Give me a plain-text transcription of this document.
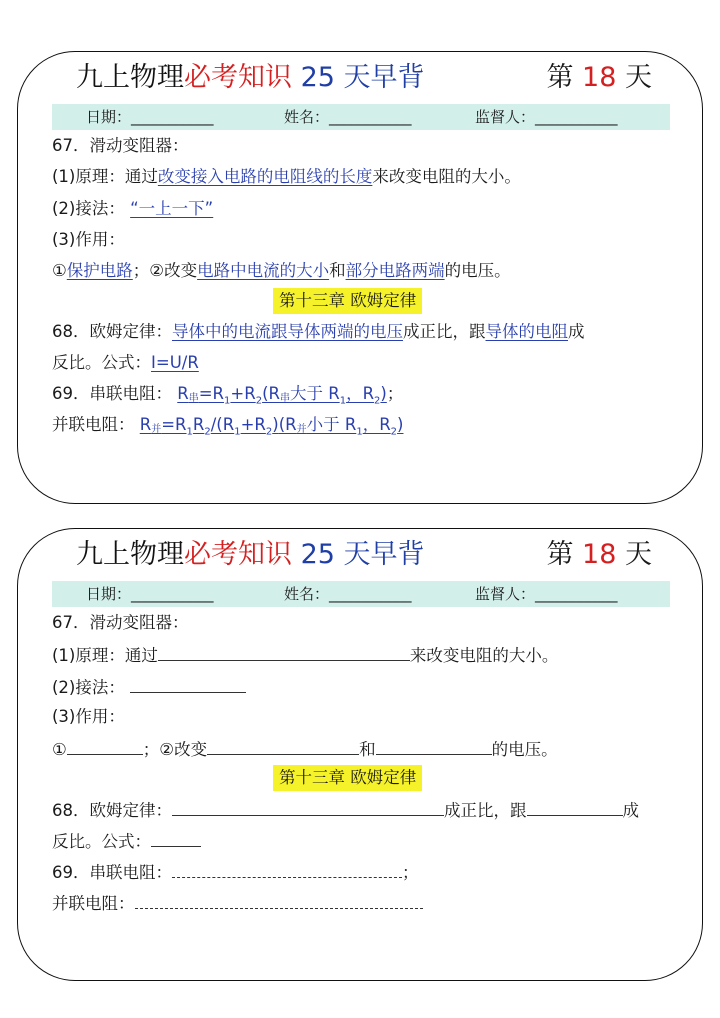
九上物理必考知识 25 天早背	第 18 天
日期：___________	姓名：___________	监督人：___________
67．滑动变阻器：
(1)原理：通过改变接入电路的电阻线的长度来改变电阻的大小。
(2)接法： “一上一下”
(3)作用：
①保护电路；②改变电路中电流的大小和部分电路两端的电压。
第十三章 欧姆定律
68．欧姆定律：导体中的电流跟导体两端的电压成正比，跟导体的电阻成
反比。公式：I=U/R
69．串联电阻： R串$=R_1+R_2(R$串大于 $R_1$，$R_2$)；
并联电阻： R并$=R_1R_2/(R_1+R_2)(R$并小于 $R_1$，$R_2$)
九上物理必考知识 25 天早背	第 18 天
日期：___________	姓名：___________	监督人：___________
67．滑动变阻器：
(1)原理：通过	来改变电阻的大小。
(2)接法：
(3)作用：
①	；②改变	和	的电压。
第十三章 欧姆定律
68．欧姆定律：	成正比，跟	成
反比。公式：
69．串联电阻：	；
并联电阻：
